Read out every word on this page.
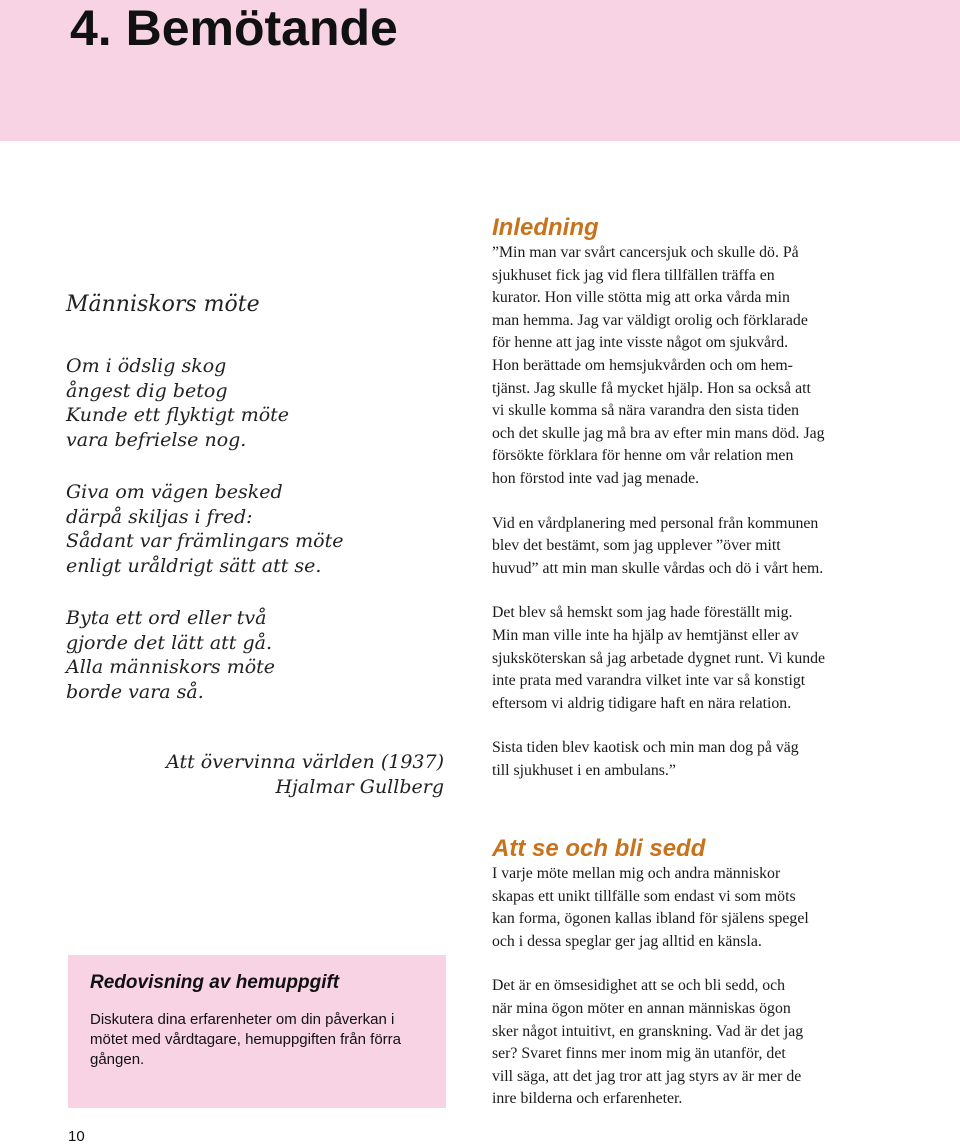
4. Bemötande

Människors möte

Om i ödslig skog
ångest dig betog
Kunde ett flyktigt möte
vara befrielse nog.
Giva om vägen besked
därpå skiljas i fred:
Sådant var främlingars möte
enligt uråldrigt sätt att se.
Byta ett ord eller två
gjorde det lätt att gå.
Alla människors möte
borde vara så.
Att övervinna världen (1937)
Hjalmar Gullberg

Redovisning av hemuppgift

Diskutera dina erfarenheter om din påverkan i mötet med vårdtagare, hemuppgiften från förra gången.

10
Inledning
”Min man var svårt cancersjuk och skulle dö. På
sjukhuset fick jag vid flera tillfällen träffa en
kurator. Hon ville stötta mig att orka vårda min
man hemma. Jag var väldigt orolig och förklarade
för henne att jag inte visste något om sjukvård.
Hon berättade om hemsjukvården och om hem-
tjänst. Jag skulle få mycket hjälp. Hon sa också att
vi skulle komma så nära varandra den sista tiden
och det skulle jag må bra av efter min mans död. Jag
försökte förklara för henne om vår relation men
hon förstod inte vad jag menade.
Vid en vårdplanering med personal från kommunen
blev det bestämt, som jag upplever ”över mitt
huvud” att min man skulle vårdas och dö i vårt hem.
Det blev så hemskt som jag hade föreställt mig.
Min man ville inte ha hjälp av hemtjänst eller av
sjuksköterskan så jag arbetade dygnet runt. Vi kunde
inte prata med varandra vilket inte var så konstigt
eftersom vi aldrig tidigare haft en nära relation.
Sista tiden blev kaotisk och min man dog på väg
till sjukhuset i en ambulans.”
Att se och bli sedd
I varje möte mellan mig och andra människor
skapas ett unikt tillfälle som endast vi som möts
kan forma, ögonen kallas ibland för själens spegel
och i dessa speglar ger jag alltid en känsla.
Det är en ömsesidighet att se och bli sedd, och
när mina ögon möter en annan människas ögon
sker något intuitivt, en granskning. Vad är det jag
ser? Svaret finns mer inom mig än utanför, det
vill säga, att det jag tror att jag styrs av är mer de
inre bilderna och erfarenheter.
